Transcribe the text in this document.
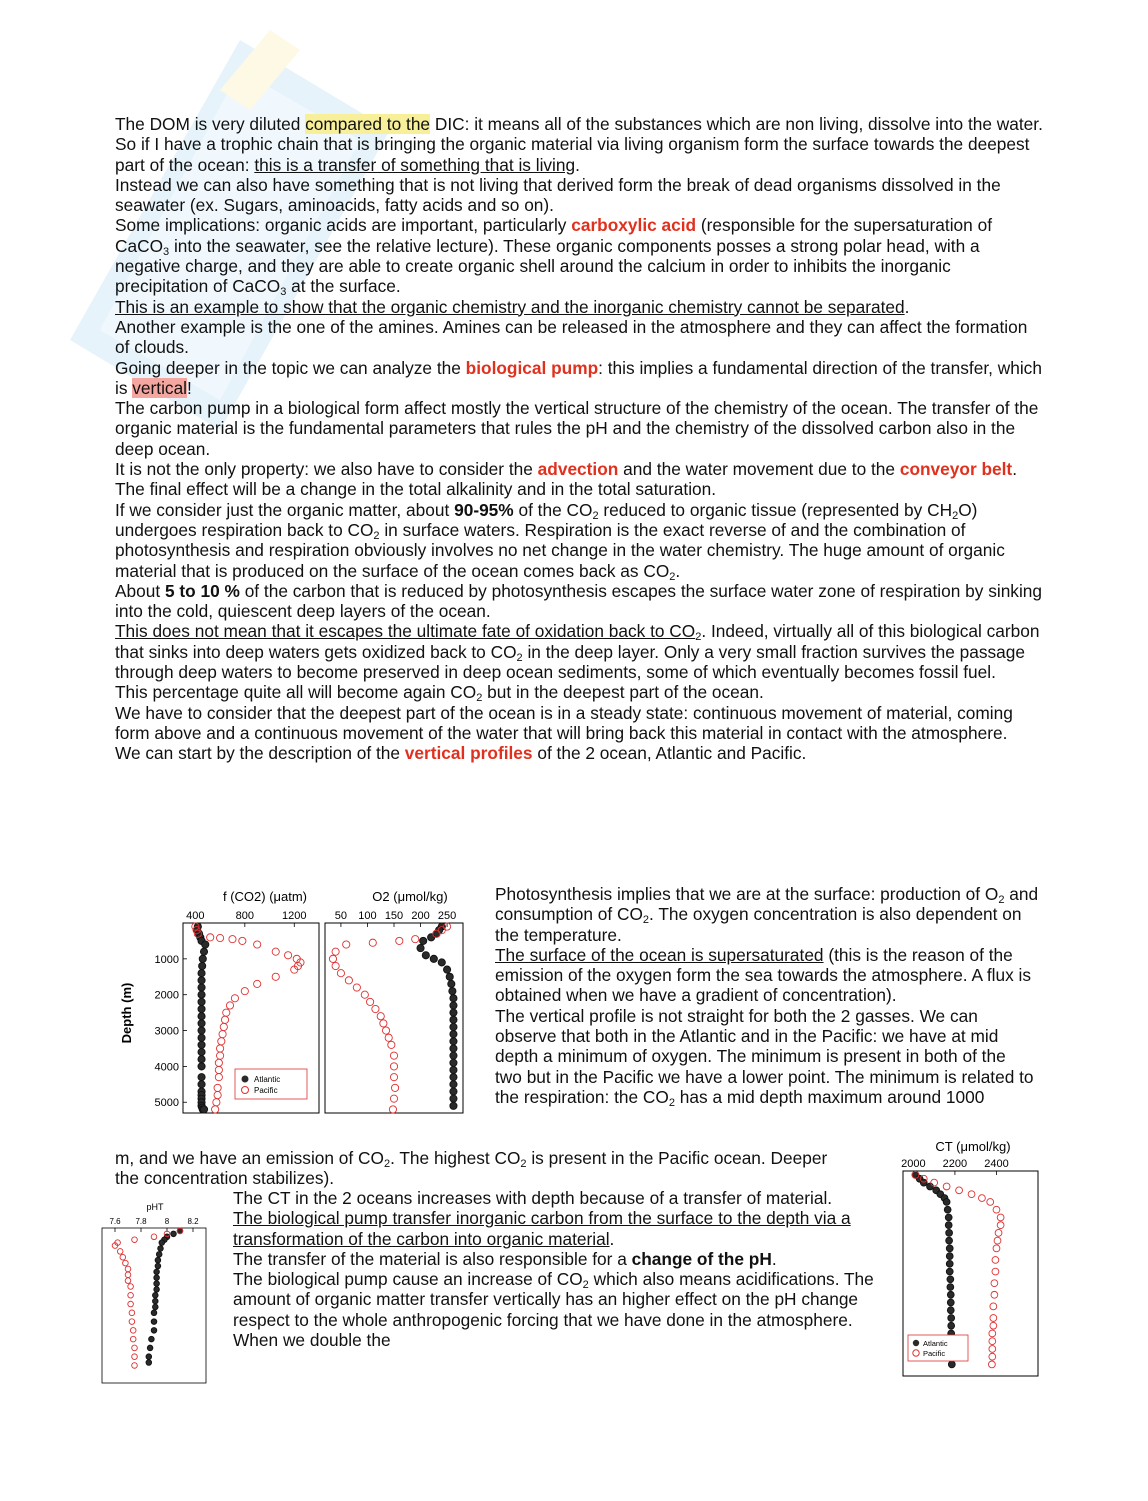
The DOM is very diluted compared to the DIC: it means all of the substances which are non living, dissolve into the water.

So if I have a trophic chain that is bringing the organic material via living organism form the surface towards the deepest part of the ocean: this is a transfer of something that is living.

Instead we can also have something that is not living that derived form the break of dead organisms dissolved in the seawater (ex. Sugars, aminoacids, fatty acids and so on).

Some implications: organic acids are important, particularly carboxylic acid (responsible for the supersaturation of CaCO$_3$ into the seawater, see the relative lecture). These organic components posses a strong polar head, with a negative charge, and they are able to create organic shell around the calcium in order to inhibits the inorganic precipitation of CaCO$_3$ at the surface.

This is an example to show that the organic chemistry and the inorganic chemistry cannot be separated.

Another example is the one of the amines. Amines can be released in the atmosphere and they can affect the formation of clouds.

Going deeper in the topic we can analyze the biological pump: this implies a fundamental direction of the transfer, which is vertical!

The carbon pump in a biological form affect mostly the vertical structure of the chemistry of the ocean. The transfer of the organic material is the fundamental parameters that rules the pH and the chemistry of the dissolved carbon also in the deep ocean.

It is not the only property: we also have to consider the advection and the water movement due to the conveyor belt.

The final effect will be a change in the total alkalinity and in the total saturation.

If we consider just the organic matter, about 90-95% of the $CO_2$ reduced to organic tissue (represented by $CH_2O$) undergoes respiration back to $CO_2$ in surface waters. Respiration is the exact reverse of and the combination of photosynthesis and respiration obviously involves no net change in the water chemistry. The huge amount of organic material that is produced on the surface of the ocean comes back as $CO_2$.

About 5 to 10 % of the carbon that is reduced by photosynthesis escapes the surface water zone of respiration by sinking into the cold, quiescent deep layers of the ocean.

This does not mean that it escapes the ultimate fate of oxidation back to $CO_2$. Indeed, virtually all of this biological carbon that sinks into deep waters gets oxidized back to $CO_2$ in the deep layer. Only a very small fraction survives the passage through deep waters to become preserved in deep ocean sediments, some of which eventually becomes fossil fuel.

This percentage quite all will become again $CO_2$ but in the deepest part of the ocean.

We have to consider that the deepest part of the ocean is in a steady state: continuous movement of material, coming form above and a continuous movement of the water that will bring back this material in contact with the atmosphere.

We can start by the description of the vertical profiles of the 2 ocean, Atlantic and Pacific.

Photosynthesis implies that we are at the surface: production of $O_2$ and consumption of $CO_2$. The oxygen concentration is also dependent on the temperature.

The surface of the ocean is supersaturated (this is the reason of the emission of the oxygen form the sea towards the atmosphere. A flux is obtained when we have a gradient of concentration).

The vertical profile is not straight for both the 2 gasses. We can observe that both in the Atlantic and in the Pacific: we have at mid depth a minimum of oxygen. The minimum is present in both of the two but in the Pacific we have a lower point. The minimum is related to the respiration: the $CO_2$ has a mid depth maximum around 1000

m, and we have an emission of $CO_2$. The highest $CO_2$ is present in the Pacific ocean. Deeper the concentration stabilizes).

The CT in the 2 oceans increases with depth because of a transfer of material.

The biological pump transfer inorganic carbon from the surface to the depth via a transformation of the carbon into organic material.

The transfer of the material is also responsible for a change of the pH.

The biological pump cause an increase of $CO_2$ which also means acidifications. The amount of organic matter transfer vertically has an higher effect on the pH change respect to the whole anthropogenic forcing that we have done in the atmosphere. When we double the

f (CO2) (μatm)	O2 (μmol/kg)
Depth (m)
400	800	1200
1000
2000
3000
4000
5000
50 100 150 200 250
Atlantic
Pacific
CT (μmol/kg)
2000 2200 2400
Atlantic
Pacific
pHT
7.6 7.8 8 8.2
